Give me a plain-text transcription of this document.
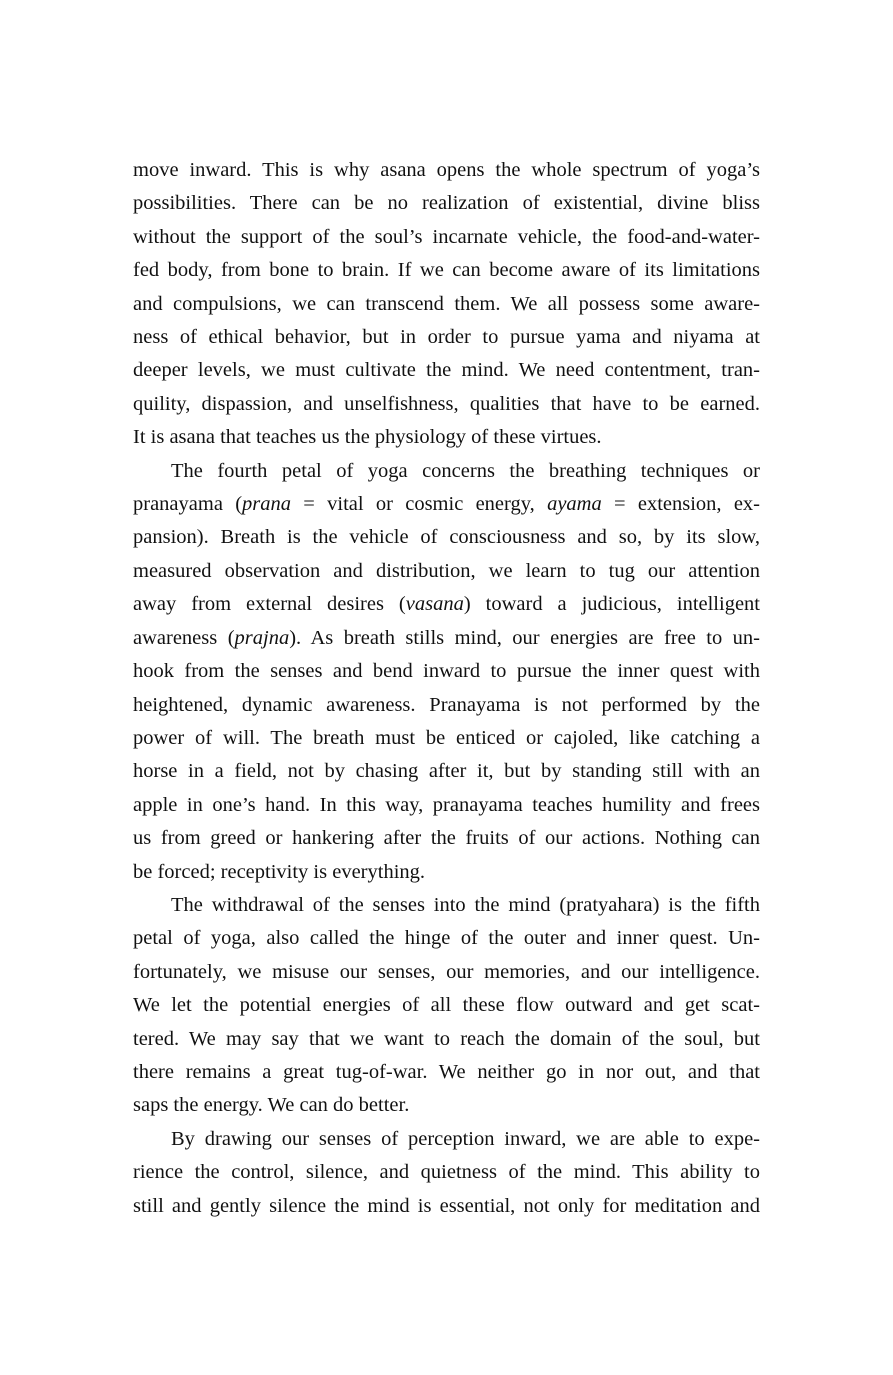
move inward. This is why asana opens the whole spectrum of yoga’s
possibilities. There can be no realization of existential, divine bliss
without the support of the soul’s incarnate vehicle, the food-and-water-
fed body, from bone to brain. If we can become aware of its limitations
and compulsions, we can transcend them. We all possess some aware-
ness of ethical behavior, but in order to pursue yama and niyama at
deeper levels, we must cultivate the mind. We need contentment, tran-
quility, dispassion, and unselfishness, qualities that have to be earned.
It is asana that teaches us the physiology of these virtues.

The fourth petal of yoga concerns the breathing techniques or
pranayama (prana = vital or cosmic energy, ayama = extension, ex-
pansion). Breath is the vehicle of consciousness and so, by its slow,
measured observation and distribution, we learn to tug our attention
away from external desires (vasana) toward a judicious, intelligent
awareness (prajna). As breath stills mind, our energies are free to un-
hook from the senses and bend inward to pursue the inner quest with
heightened, dynamic awareness. Pranayama is not performed by the
power of will. The breath must be enticed or cajoled, like catching a
horse in a field, not by chasing after it, but by standing still with an
apple in one’s hand. In this way, pranayama teaches humility and frees
us from greed or hankering after the fruits of our actions. Nothing can
be forced; receptivity is everything.

The withdrawal of the senses into the mind (pratyahara) is the fifth
petal of yoga, also called the hinge of the outer and inner quest. Un-
fortunately, we misuse our senses, our memories, and our intelligence.
We let the potential energies of all these flow outward and get scat-
tered. We may say that we want to reach the domain of the soul, but
there remains a great tug-of-war. We neither go in nor out, and that
saps the energy. We can do better.

By drawing our senses of perception inward, we are able to expe-
rience the control, silence, and quietness of the mind. This ability to
still and gently silence the mind is essential, not only for meditation and
